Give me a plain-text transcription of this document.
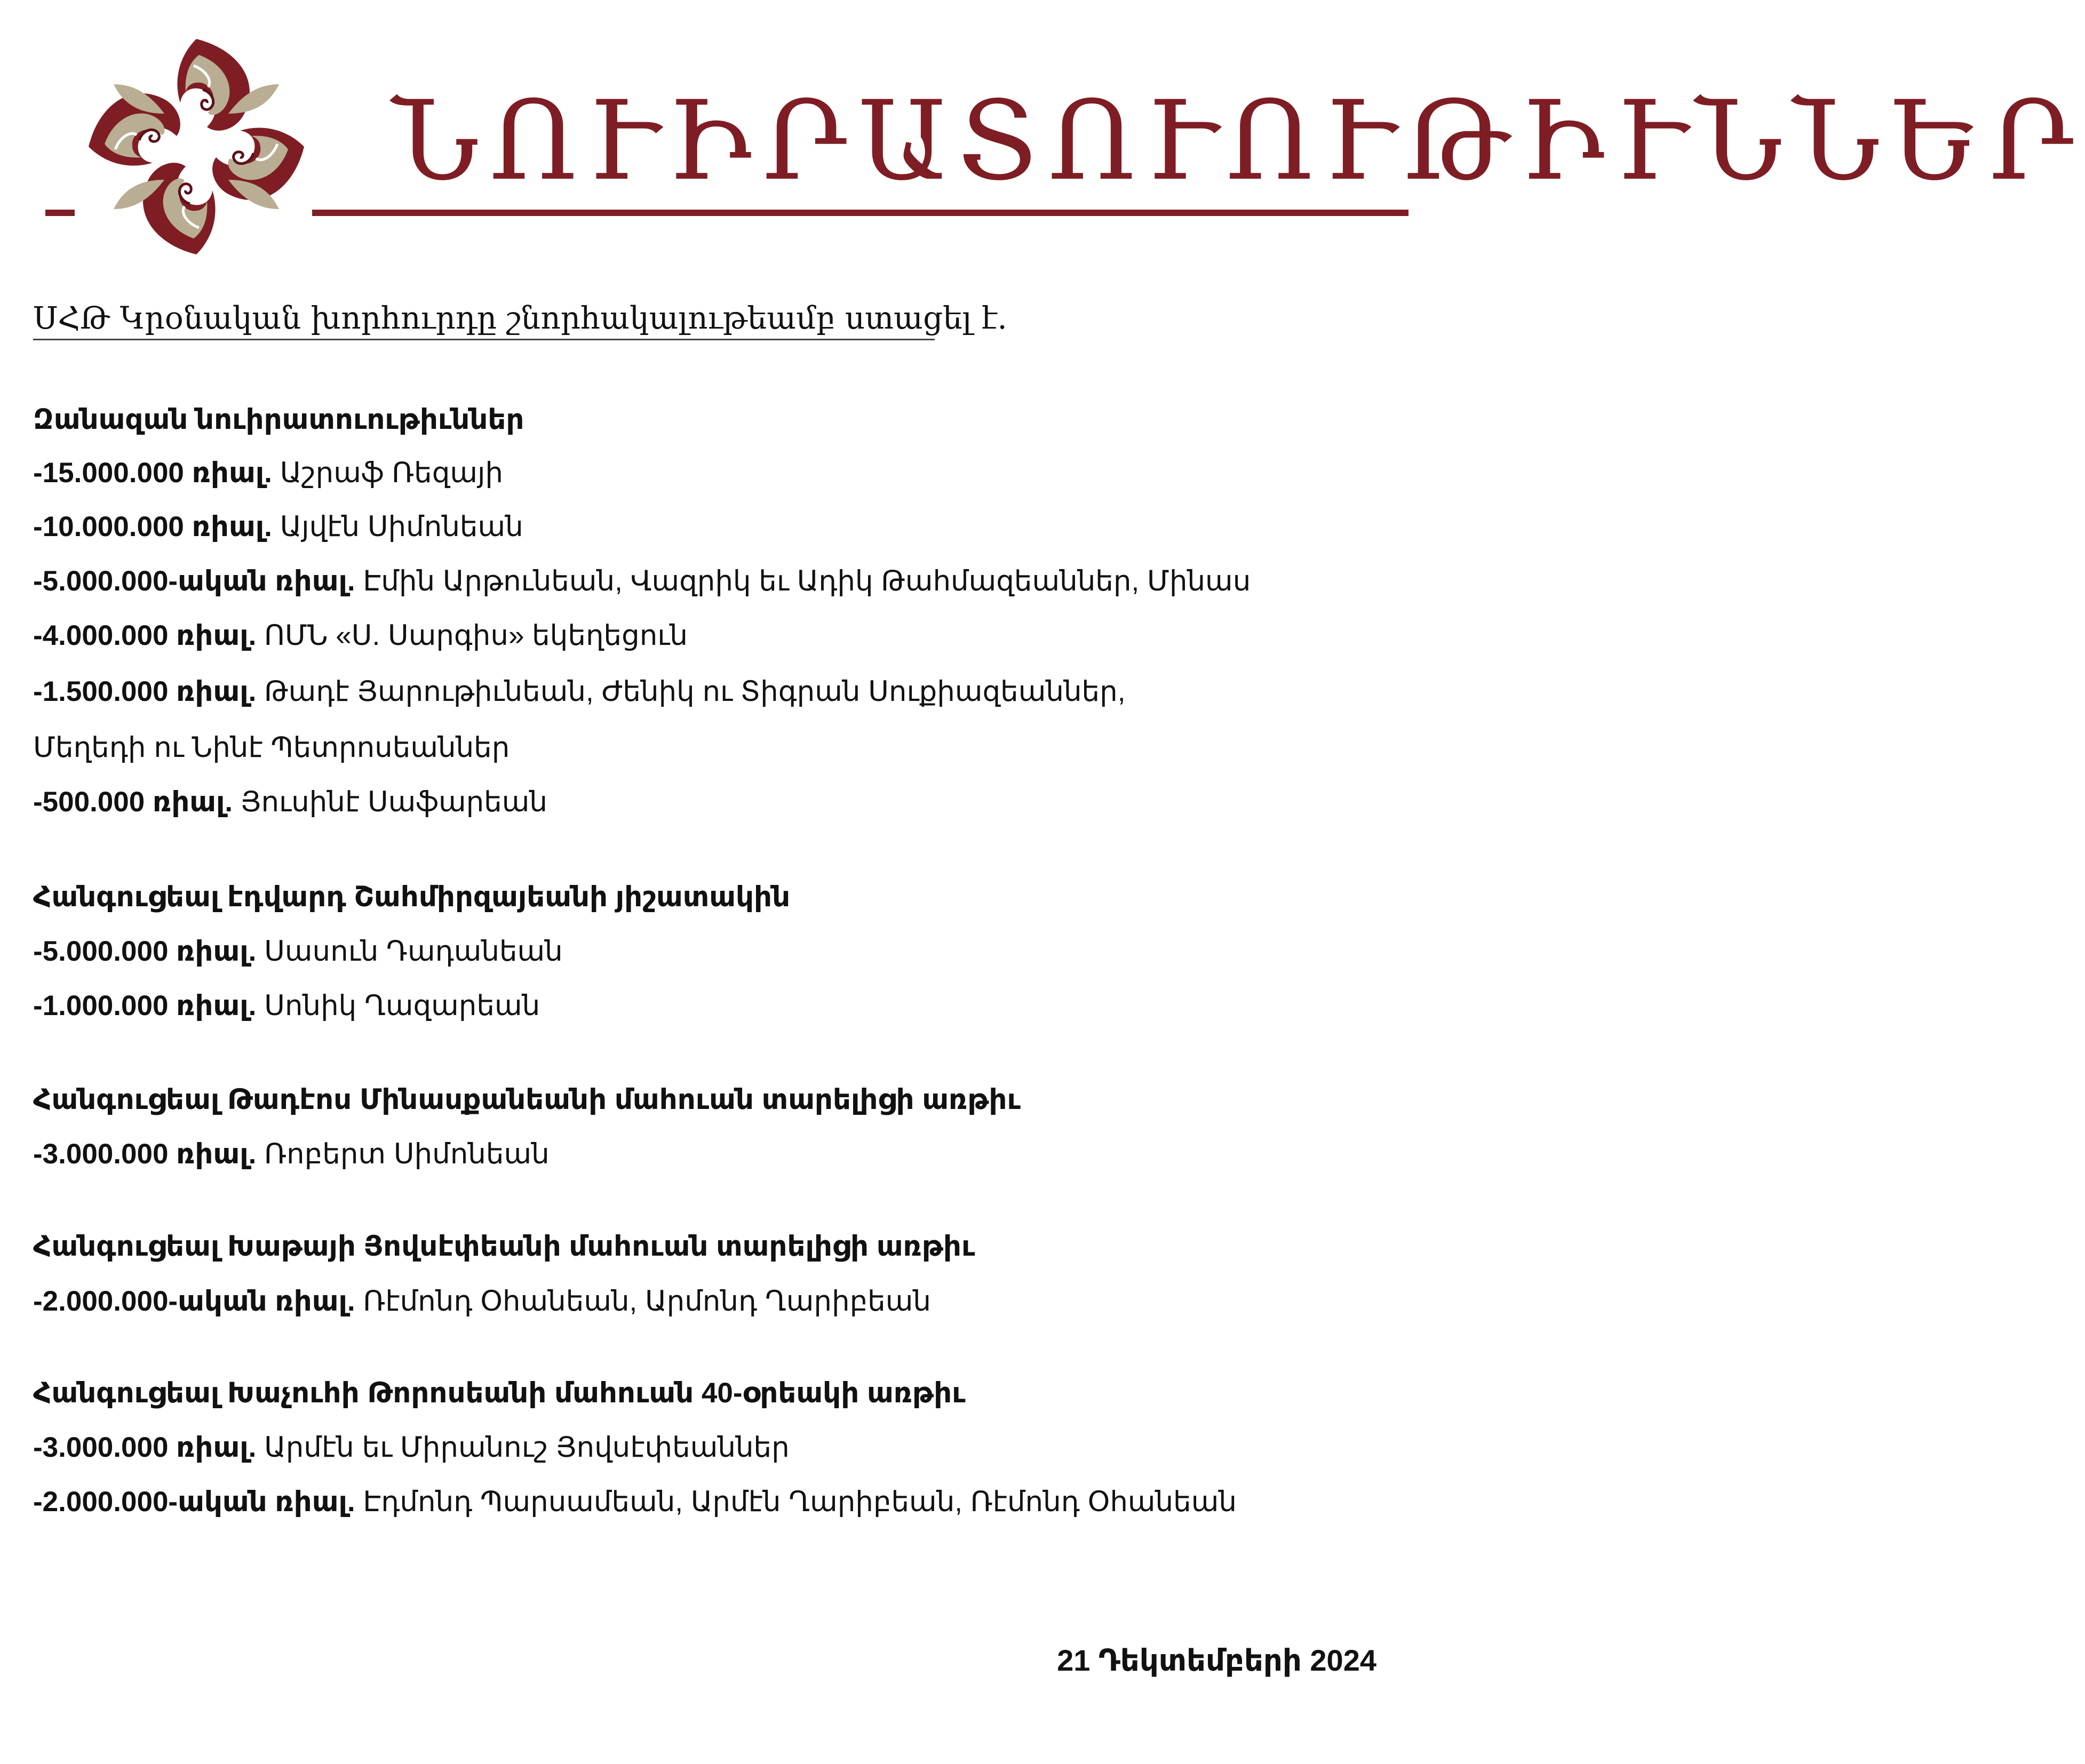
ՆՈՒԻՐԱՏՈՒՈՒԹԻՒՆՆԵՐ
ՍՀԹ Կրօնական խորհուրդը շնորհակալութեամբ ստացել է.
Զանազան նուիրատուութիւններ
-15.000.000 ռիալ. Աշրաֆ Ռեզայի
-10.000.000 ռիալ. Այվէն Սիմոնեան
-5.000.000-ական ռիալ. Էմին Արթունեան, Վազրիկ եւ Ադիկ Թահմազեաններ, Մինաս
-4.000.000 ռիալ. ՈՄՆ «Ս. Սարգիս» եկեղեցուն
-1.500.000 ռիալ. Թադէ Յարութիւնեան, Ժենիկ ու Տիգրան Սուքիազեաններ,
Մեղեդի ու Նինէ Պետրոսեաններ
-500.000 ռիալ. Յուսինէ Սաֆարեան
Հանգուցեալ էդվարդ Շահմիրզայեանի յիշատակին
-5.000.000 ռիալ. Սասուն Դադանեան
-1.000.000 ռիալ. Սոնիկ Ղազարեան
Հանգուցեալ Թադէոս Մինասքանեանի մահուան տարելիցի առթիւ
-3.000.000 ռիալ. Ռոբերտ Սիմոնեան
Հանգուցեալ Խաթայի Յովսէփեանի մահուան տարելիցի առթիւ
-2.000.000-ական ռիալ. Ռէմոնդ Օհանեան, Արմոնդ Ղարիբեան
Հանգուցեալ Խաչուհի Թորոսեանի մահուան 40-օրեակի առթիւ
-3.000.000 ռիալ. Արմէն եւ Միրանուշ Յովսէփեաններ
-2.000.000-ական ռիալ. Էդմոնդ Պարսամեան, Արմէն Ղարիբեան, Ռէմոնդ Օհանեան
21 Դեկտեմբերի 2024
